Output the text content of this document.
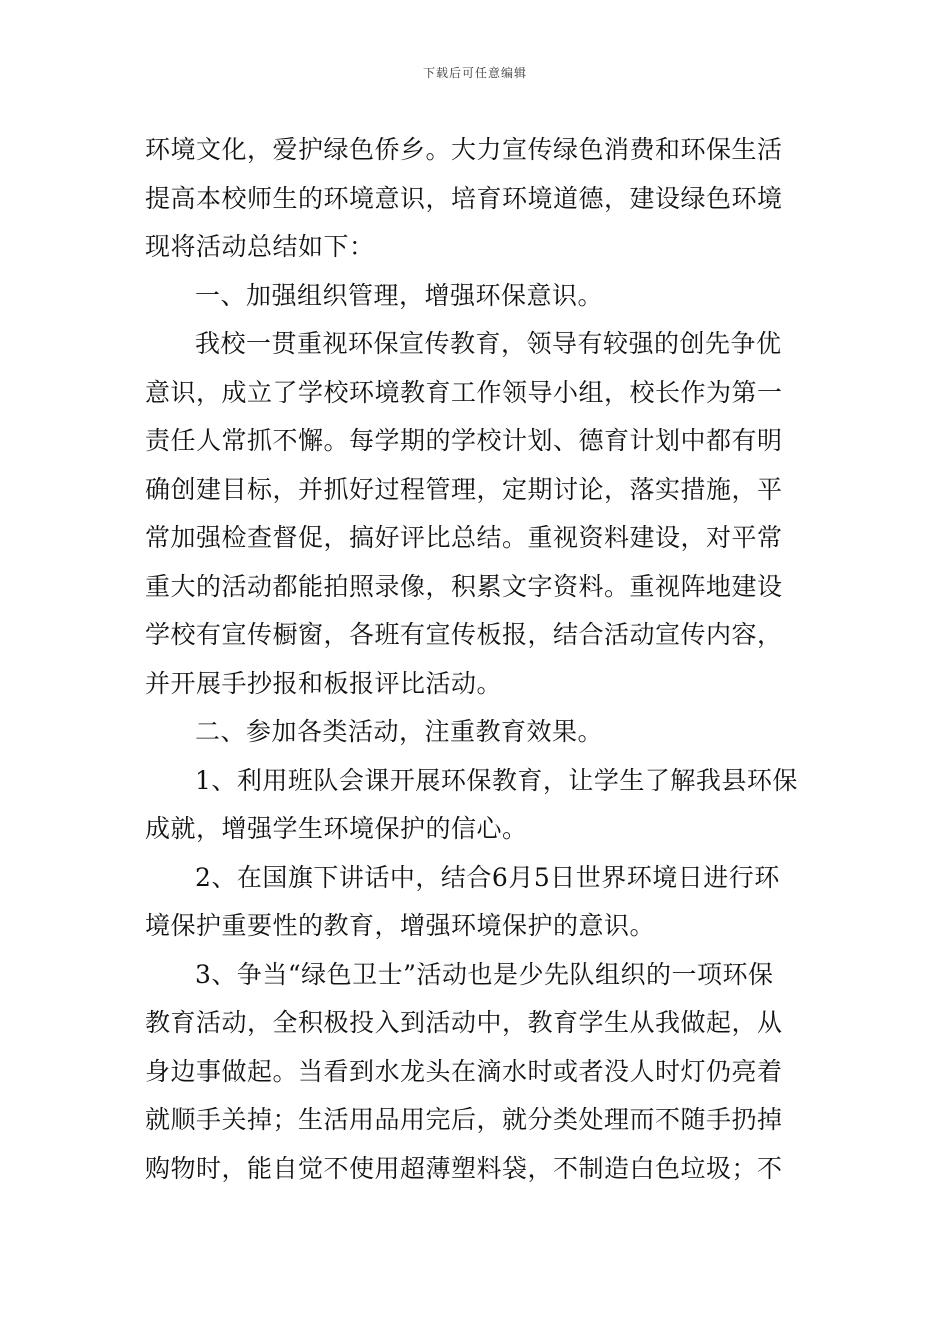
下载后可任意编辑
环境文化，爱护绿色侨乡。大力宣传绿色消费和环保生活
提高本校师生的环境意识，培育环境道德，建设绿色环境
现将活动总结如下：
一、加强组织管理，增强环保意识。
我校一贯重视环保宣传教育，领导有较强的创先争优
意识，成立了学校环境教育工作领导小组，校长作为第一
责任人常抓不懈。每学期的学校计划、德育计划中都有明
确创建目标，并抓好过程管理，定期讨论，落实措施，平
常加强检查督促，搞好评比总结。重视资料建设，对平常
重大的活动都能拍照录像，积累文字资料。重视阵地建设
学校有宣传橱窗，各班有宣传板报，结合活动宣传内容，
并开展手抄报和板报评比活动。
二、参加各类活动，注重教育效果。
1、利用班队会课开展环保教育，让学生了解我县环保
成就，增强学生环境保护的信心。
2、在国旗下讲话中，结合6月5日世界环境日进行环
境保护重要性的教育，增强环境保护的意识。
3、争当“绿色卫士”活动也是少先队组织的一项环保
教育活动，全积极投入到活动中，教育学生从我做起，从
身边事做起。当看到水龙头在滴水时或者没人时灯仍亮着
就顺手关掉；生活用品用完后，就分类处理而不随手扔掉
购物时，能自觉不使用超薄塑料袋，不制造白色垃圾；不
